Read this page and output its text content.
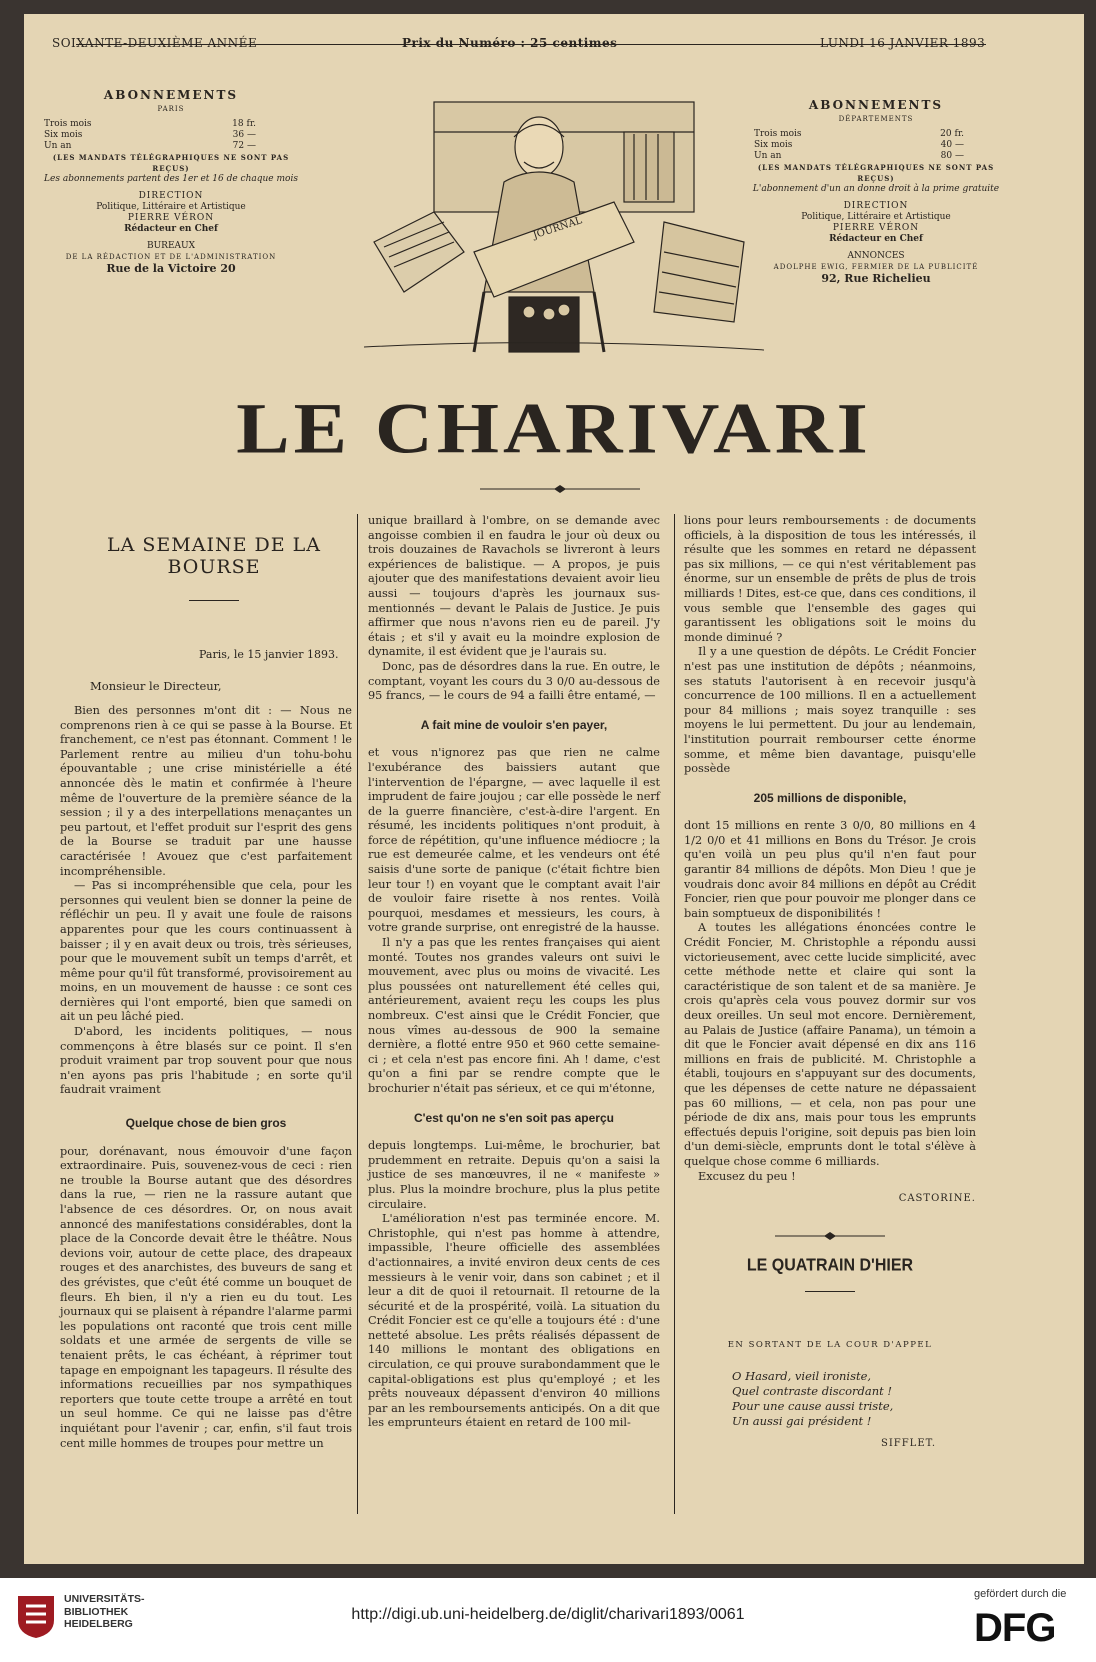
SOIXANTE-DEUXIÈME ANNÉE	Prix du Numéro : 25 centimes	LUNDI 16 JANVIER 1893
ABONNEMENTS
PARIS
Trois mois	18 fr.
Six mois	36 —
Un an	72 —
(LES MANDATS TÉLÉGRAPHIQUES NE SONT PAS REÇUS)
Les abonnements partent des 1er et 16 de chaque mois
DIRECTION
Politique, Littéraire et Artistique
PIERRE VÉRON
Rédacteur en Chef
BUREAUX
DE LA RÉDACTION ET DE L'ADMINISTRATION
Rue de la Victoire 20
ABONNEMENTS
DÉPARTEMENTS
Trois mois	20 fr.
Six mois	40 —
Un an	80 —
(LES MANDATS TÉLÉGRAPHIQUES NE SONT PAS REÇUS)
L'abonnement d'un an donne droit à la prime gratuite
DIRECTION
Politique, Littéraire et Artistique
PIERRE VÉRON
Rédacteur en Chef
ANNONCES
ADOLPHE EWIG, FERMIER DE LA PUBLICITÉ
92, Rue Richelieu
JOURNAL
LE CHARIVARI
LA SEMAINE DE LA BOURSE
Paris, le 15 janvier 1893.
Monsieur le Directeur,

Bien des personnes m'ont dit : — Nous ne comprenons rien à ce qui se passe à la Bourse. Et franchement, ce n'est pas étonnant. Comment ! le Parlement rentre au milieu d'un tohu-bohu épouvantable ; une crise ministérielle a été annoncée dès le matin et confirmée à l'heure même de l'ouverture de la première séance de la session ; il y a des interpellations menaçantes un peu partout, et l'effet produit sur l'esprit des gens de la Bourse se traduit par une hausse caractérisée ! Avouez que c'est parfaitement incompréhensible.

— Pas si incompréhensible que cela, pour les personnes qui veulent bien se donner la peine de réfléchir un peu. Il y avait une foule de raisons apparentes pour que les cours continuassent à baisser ; il y en avait deux ou trois, très sérieuses, pour que le mouvement subît un temps d'arrêt, et même pour qu'il fût transformé, provisoirement au moins, en un mouvement de hausse : ce sont ces dernières qui l'ont emporté, bien que samedi on ait un peu lâché pied.

D'abord, les incidents politiques, — nous commençons à être blasés sur ce point. Il s'en produit vraiment par trop souvent pour que nous n'en ayons pas pris l'habitude ; en sorte qu'il faudrait vraiment

Quelque chose de bien gros

pour, dorénavant, nous émouvoir d'une façon extraordinaire. Puis, souvenez-vous de ceci : rien ne trouble la Bourse autant que des désordres dans la rue, — rien ne la rassure autant que l'absence de ces désordres. Or, on nous avait annoncé des manifestations considérables, dont la place de la Concorde devait être le théâtre. Nous devions voir, autour de cette place, des drapeaux rouges et des anarchistes, des buveurs de sang et des grévistes, que c'eût été comme un bouquet de fleurs. Eh bien, il n'y a rien eu du tout. Les journaux qui se plaisent à répandre l'alarme parmi les populations ont raconté que trois cent mille soldats et une armée de sergents de ville se tenaient prêts, le cas échéant, à réprimer tout tapage en empoignant les tapageurs. Il résulte des informations recueillies par nos sympathiques reporters que toute cette troupe a arrêté en tout un seul homme. Ce qui ne laisse pas d'être inquiétant pour l'avenir ; car, enfin, s'il faut trois cent mille hommes de troupes pour mettre un

unique braillard à l'ombre, on se demande avec angoisse combien il en faudra le jour où deux ou trois douzaines de Ravachols se livreront à leurs expériences de balistique. — A propos, je puis ajouter que des manifestations devaient avoir lieu aussi — toujours d'après les journaux sus-mentionnés — devant le Palais de Justice. Je puis affirmer que nous n'avons rien eu de pareil. J'y étais ; et s'il y avait eu la moindre explosion de dynamite, il est évident que je l'aurais su.

Donc, pas de désordres dans la rue. En outre, le comptant, voyant les cours du 3 0/0 au-dessous de 95 francs, — le cours de 94 a failli être entamé, —

A fait mine de vouloir s'en payer,

et vous n'ignorez pas que rien ne calme l'exubérance des baissiers autant que l'intervention de l'épargne, — avec laquelle il est imprudent de faire joujou ; car elle possède le nerf de la guerre financière, c'est-à-dire l'argent. En résumé, les incidents politiques n'ont produit, à force de répétition, qu'une influence médiocre ; la rue est demeurée calme, et les vendeurs ont été saisis d'une sorte de panique (c'était fichtre bien leur tour !) en voyant que le comptant avait l'air de vouloir faire risette à nos rentes. Voilà pourquoi, mesdames et messieurs, les cours, à votre grande surprise, ont enregistré de la hausse.

Il n'y a pas que les rentes françaises qui aient monté. Toutes nos grandes valeurs ont suivi le mouvement, avec plus ou moins de vivacité. Les plus poussées ont naturellement été celles qui, antérieurement, avaient reçu les coups les plus nombreux. C'est ainsi que le Crédit Foncier, que nous vîmes au-dessous de 900 la semaine dernière, a flotté entre 950 et 960 cette semaine-ci ; et cela n'est pas encore fini. Ah ! dame, c'est qu'on a fini par se rendre compte que le brochurier n'était pas sérieux, et ce qui m'étonne,

C'est qu'on ne s'en soit pas aperçu

depuis longtemps. Lui-même, le brochurier, bat prudemment en retraite. Depuis qu'on a saisi la justice de ses manœuvres, il ne « manifeste » plus. Plus la moindre brochure, plus la plus petite circulaire.

L'amélioration n'est pas terminée encore. M. Christophle, qui n'est pas homme à attendre, impassible, l'heure officielle des assemblées d'actionnaires, a invité environ deux cents de ces messieurs à le venir voir, dans son cabinet ; et il leur a dit de quoi il retournait. Il retourne de la sécurité et de la prospérité, voilà. La situation du Crédit Foncier est ce qu'elle a toujours été : d'une netteté absolue. Les prêts réalisés dépassent de 140 millions le montant des obligations en circulation, ce qui prouve surabondamment que le capital-obligations est plus qu'employé ; et les prêts nouveaux dépassent d'environ 40 millions par an les remboursements anticipés. On a dit que les emprunteurs étaient en retard de 100 mil-

lions pour leurs remboursements : de documents officiels, à la disposition de tous les intéressés, il résulte que les sommes en retard ne dépassent pas six millions, — ce qui n'est véritablement pas énorme, sur un ensemble de prêts de plus de trois milliards ! Dites, est-ce que, dans ces conditions, il vous semble que l'ensemble des gages qui garantissent les obligations soit le moins du monde diminué ?

Il y a une question de dépôts. Le Crédit Foncier n'est pas une institution de dépôts ; néanmoins, ses statuts l'autorisent à en recevoir jusqu'à concurrence de 100 millions. Il en a actuellement pour 84 millions ; mais soyez tranquille : ses moyens le lui permettent. Du jour au lendemain, l'institution pourrait rembourser cette énorme somme, et même bien davantage, puisqu'elle possède

205 millions de disponible,

dont 15 millions en rente 3 0/0, 80 millions en 4 1/2 0/0 et 41 millions en Bons du Trésor. Je crois qu'en voilà un peu plus qu'il n'en faut pour garantir 84 millions de dépôts. Mon Dieu ! que je voudrais donc avoir 84 millions en dépôt au Crédit Foncier, rien que pour pouvoir me plonger dans ce bain somptueux de disponibilités !

A toutes les allégations énoncées contre le Crédit Foncier, M. Christophle a répondu aussi victorieusement, avec cette lucide simplicité, avec cette méthode nette et claire qui sont la caractéristique de son talent et de sa manière. Je crois qu'après cela vous pouvez dormir sur vos deux oreilles. Un seul mot encore. Dernièrement, au Palais de Justice (affaire Panama), un témoin a dit que le Foncier avait dépensé en dix ans 116 millions en frais de publicité. M. Christophle a établi, toujours en s'appuyant sur des documents, que les dépenses de cette nature ne dépassaient pas 60 millions, — et cela, non pas pour une période de dix ans, mais pour tous les emprunts effectués depuis l'origine, soit depuis pas bien loin d'un demi-siècle, emprunts dont le total s'élève à quelque chose comme 6 milliards.

Excusez du peu !

CASTORINE.
LE QUATRAIN D'HIER
EN SORTANT DE LA COUR D'APPEL
O Hasard, vieil ironiste,
Quel contraste discordant !
Pour une cause aussi triste,
Un aussi gai président !
SIFFLET.
UNIVERSITÄTS-
BIBLIOTHEK
HEIDELBERG
http://digi.ub.uni-heidelberg.de/diglit/charivari1893/0061
gefördert durch die
DFG
